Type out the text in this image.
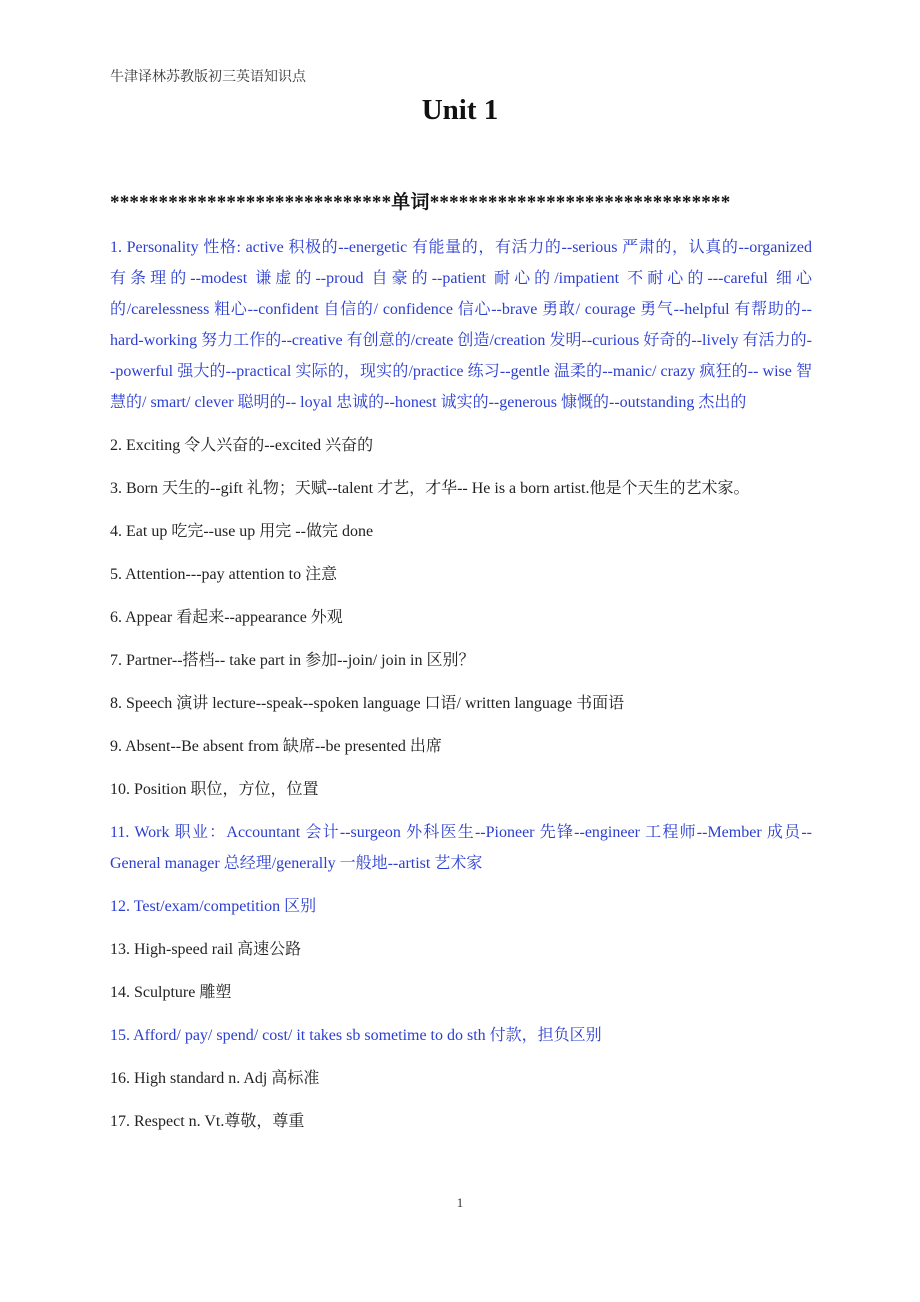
牛津译林苏教版初三英语知识点
Unit 1
*****************************单词*******************************

1. Personality 性格: active 积极的--energetic 有能量的，有活力的--serious 严肃的，认真的--organized 有条理的--modest 谦虚的--proud 自豪的--patient 耐心的/impatient 不耐心的---careful 细心的/carelessness 粗心--confident 自信的/ confidence 信心--brave 勇敢/ courage 勇气--helpful 有帮助的--hard-working 努力工作的--creative 有创意的/create 创造/creation 发明--curious 好奇的--lively 有活力的--powerful 强大的--practical 实际的，现实的/practice 练习--gentle 温柔的--manic/ crazy 疯狂的-- wise 智慧的/ smart/ clever 聪明的-- loyal 忠诚的--honest 诚实的--generous 慷慨的--outstanding 杰出的

2. Exciting 令人兴奋的--excited 兴奋的

3. Born 天生的--gift 礼物；天赋--talent 才艺，才华-- He is a born artist.他是个天生的艺术家。

4. Eat up 吃完--use up 用完 --做完 done

5. Attention---pay attention to 注意

6. Appear 看起来--appearance 外观

7. Partner--搭档-- take part in 参加--join/ join in 区别？

8. Speech 演讲 lecture--speak--spoken language 口语/ written language 书面语

9. Absent--Be absent from 缺席--be presented 出席

10. Position 职位，方位，位置

11. Work 职业：Accountant 会计--surgeon 外科医生--Pioneer 先锋--engineer 工程师--Member 成员--General manager 总经理/generally 一般地--artist 艺术家

12. Test/exam/competition 区别

13. High-speed rail 高速公路

14. Sculpture 雕塑

15. Afford/ pay/ spend/ cost/ it takes sb sometime to do sth 付款，担负区别

16. High standard n. Adj 高标准

17. Respect n. Vt.尊敬，尊重

1
